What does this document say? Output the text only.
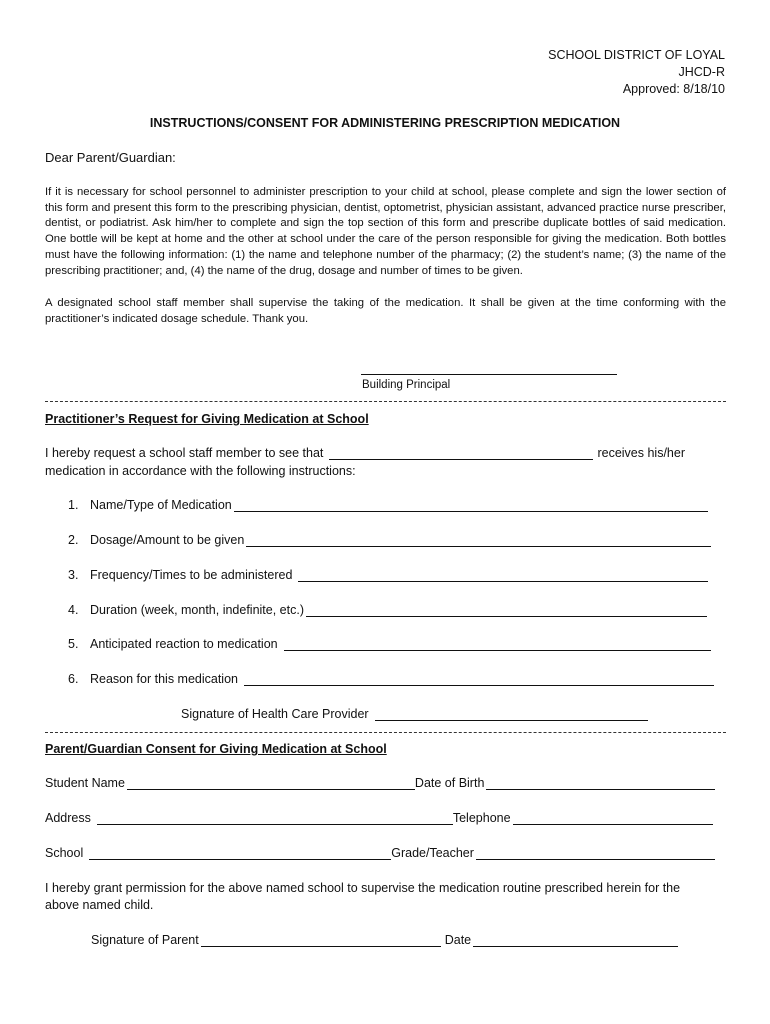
SCHOOL DISTRICT OF LOYAL
JHCD-R
Approved: 8/18/10
INSTRUCTIONS/CONSENT FOR ADMINISTERING PRESCRIPTION MEDICATION
Dear Parent/Guardian:
If it is necessary for school personnel to administer prescription to your child at school, please complete and sign the lower section of this form and present this form to the prescribing physician, dentist, optometrist, physician assistant, advanced practice nurse prescriber, dentist, or podiatrist. Ask him/her to complete and sign the top section of this form and prescribe duplicate bottles of said medication. One bottle will be kept at home and the other at school under the care of the person responsible for giving the medication. Both bottles must have the following information: (1) the name and telephone number of the pharmacy; (2) the student’s name; (3) the name of the prescribing practitioner; and, (4) the name of the drug, dosage and number of times to be given.
A designated school staff member shall supervise the taking of the medication. It shall be given at the time conforming with the practitioner’s indicated dosage schedule. Thank you.
Building Principal
Practitioner’s Request for Giving Medication at School
I hereby request a school staff member to see that	receives his/her
medication in accordance with the following instructions:
1. Name/Type of Medication
2. Dosage/Amount to be given
3. Frequency/Times to be administered
4. Duration (week, month, indefinite, etc.)
5. Anticipated reaction to medication
6. Reason for this medication
Signature of Health Care Provider
Parent/Guardian Consent for Giving Medication at School
Student Name	Date of Birth
Address	Telephone
School	Grade/Teacher
I hereby grant permission for the above named school to supervise the medication routine prescribed herein for the above named child.
Signature of Parent	Date
